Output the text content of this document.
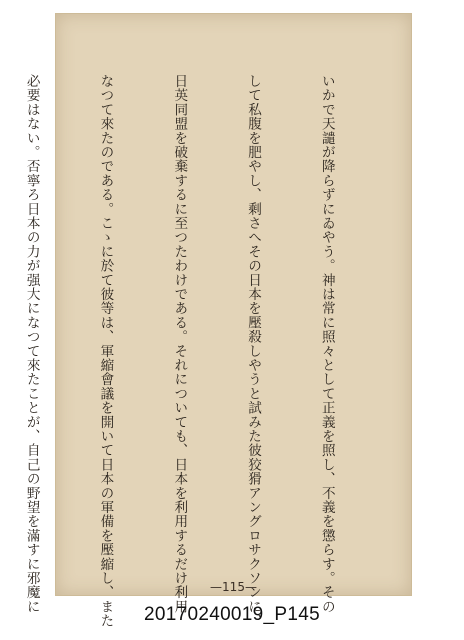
いかで天譴が降らずにゐやう。神は常に照々として正義を照し、不義を懲らす。その

して私腹を肥やし、剩さへその日本を壓殺しやうと試みた彼狡猾アングロサクソンに、

日英同盟を破棄するに至つたわけである。それについても、日本を利用するだけ利用

なつて來たのである。こゝに於て彼等は、軍縮會議を開いて日本の軍備を壓縮し、また

必要はない。否寧ろ日本の力が强大になつて來たことが、自己の野望を滿すに邪魔に

	—115—
20170240019_P145
